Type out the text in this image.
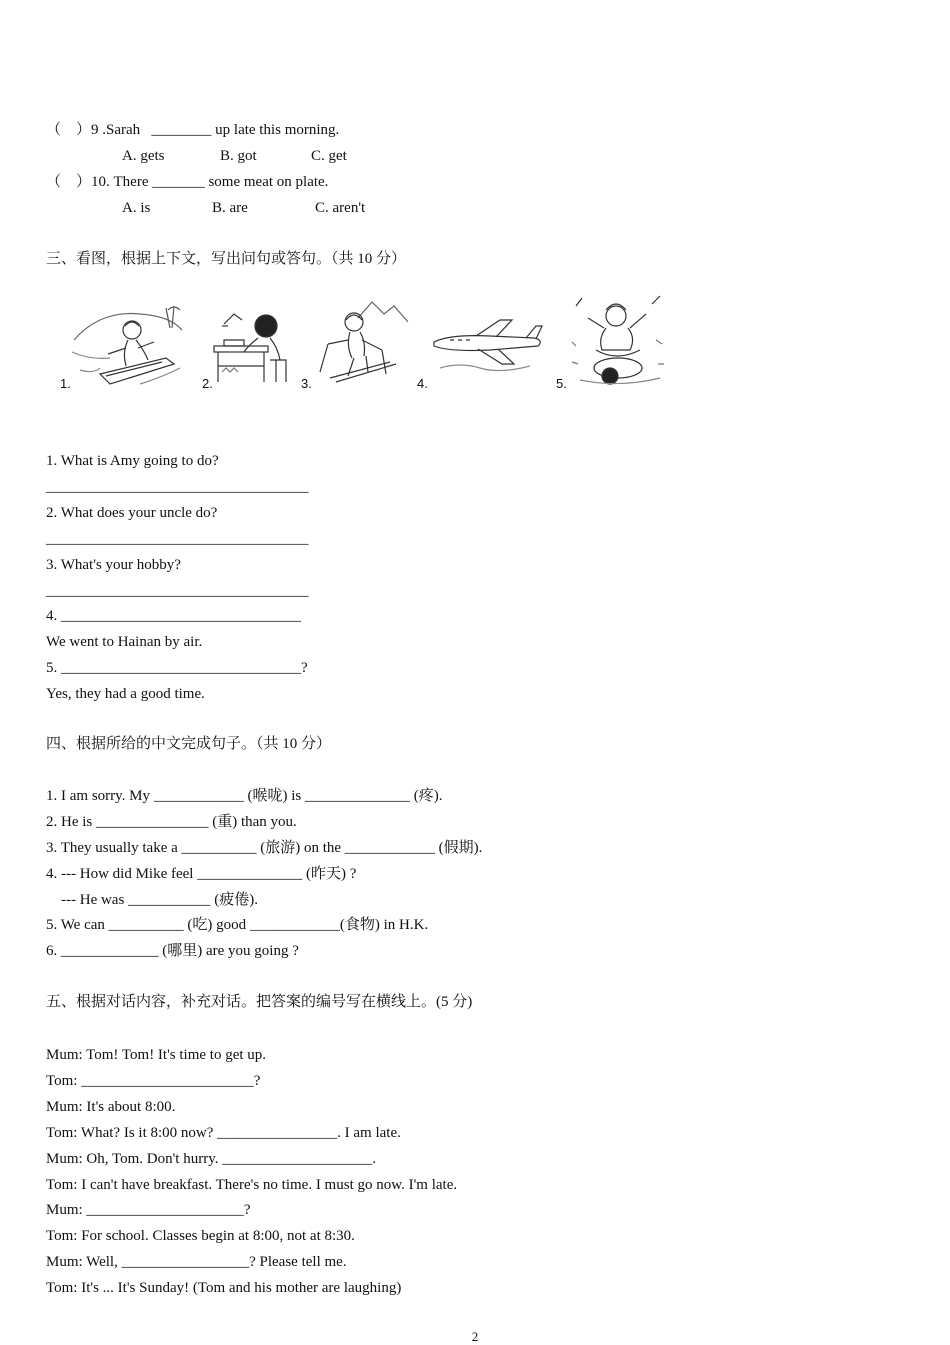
（    ）9 .Sarah   ________ up late this morning.
A. gets	B. got	C. get
（    ）10. There _______ some meat on plate.
A. is	B. are	C. aren't
三、看图，根据上下文，写出问句或答句。（共 10 分）
1.	2.	3.	4.	5.
1. What is Amy going to do?
___________________________________
2. What does your uncle do?
___________________________________
3. What's your hobby?
___________________________________
4. ________________________________
We went to Hainan by air.
5. ________________________________?
Yes, they had a good time.
四、根据所给的中文完成句子。（共 10 分）
1. I am sorry. My ____________ (喉咙) is ______________ (疼).
2. He is _______________ (重) than you.
3. They usually take a __________ (旅游) on the ____________ (假期).
4. --- How did Mike feel ______________ (昨天) ?
--- He was ___________ (疲倦).
5. We can __________ (吃) good ____________(食物) in H.K.
6. _____________ (哪里) are you going ?
五、根据对话内容，补充对话。把答案的编号写在横线上。(5 分)
Mum: Tom! Tom! It's time to get up.
Tom: _______________________?
Mum: It's about 8:00.
Tom: What? Is it 8:00 now? ________________. I am late.
Mum: Oh, Tom. Don't hurry. ____________________.
Tom: I can't have breakfast. There's no time. I must go now. I'm late.
Mum: _____________________?
Tom: For school. Classes begin at 8:00, not at 8:30.
Mum: Well, _________________? Please tell me.
Tom: It's ... It's Sunday! (Tom and his mother are laughing)
2
